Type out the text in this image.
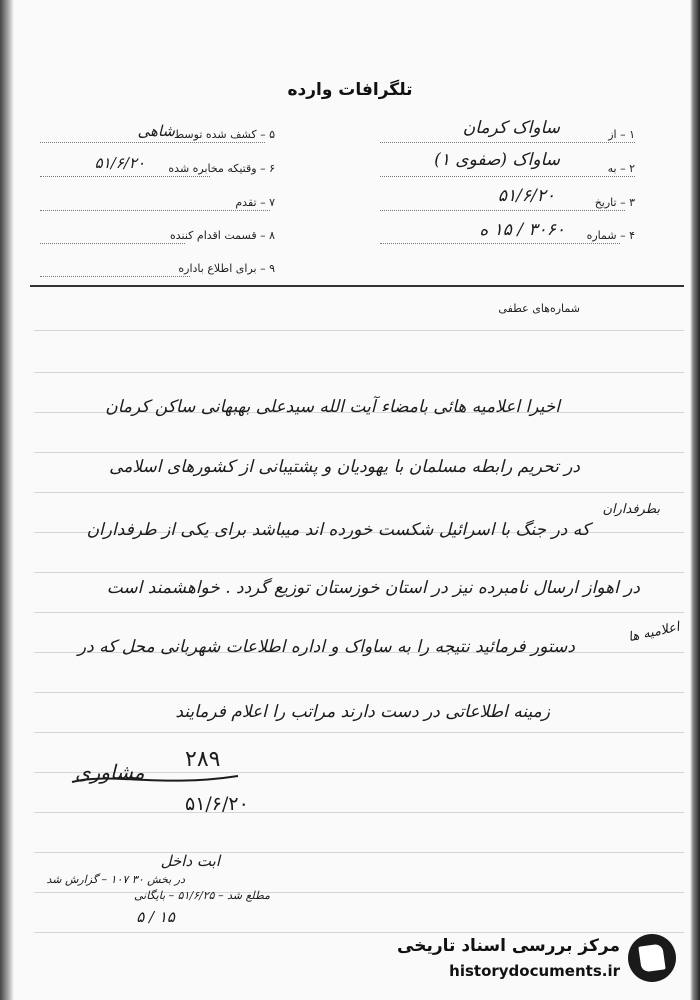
تلگرافات وارده
۵ – کشف شده توسط
شاهی
۶ – وقتیکه مخابره شده
۵۱/۶/۲۰
۷ – تقدم
۸ – قسمت اقدام کننده
۹ – برای اطلاع باداره
۱ – از
ساواک کرمان
۲ – به
ساواک (صفوی ۱)
۳ – تاریخ
۵۱/۶/۲۰
۴ – شماره
۳۰۶۰ / ۱۵ ه
شماره‌های عطفی
اخیرا اعلامیه هائی بامضاء آیت الله سیدعلی بهبهانی ساکن کرمان
در تحریم رابطه مسلمان با یهودیان و پشتیبانی از کشورهای اسلامی
که در جنگ با اسرائیل شکست خورده اند میباشد برای یکی از طرفداران
در اهواز ارسال نامبرده نیز در استان خوزستان توزیع گردد . خواهشمند است
دستور فرمائید نتیجه را به ساواک و اداره اطلاعات شهربانی محل که در
زمینه اطلاعاتی در دست دارند مراتب را اعلام فرمایند
بطرفداران
اعلامیه ها
۲۸۹
مشاوری
۵۱/۶/۲۰
ابت داخل
در بخش ۳۰ ۱۰۷ – گزارش شد
مطلع شد – ۵۱/۶/۲۵ – بایگانی
۱۵ / ۵
مرکز بررسی اسناد تاریخی
historydocuments.ir
